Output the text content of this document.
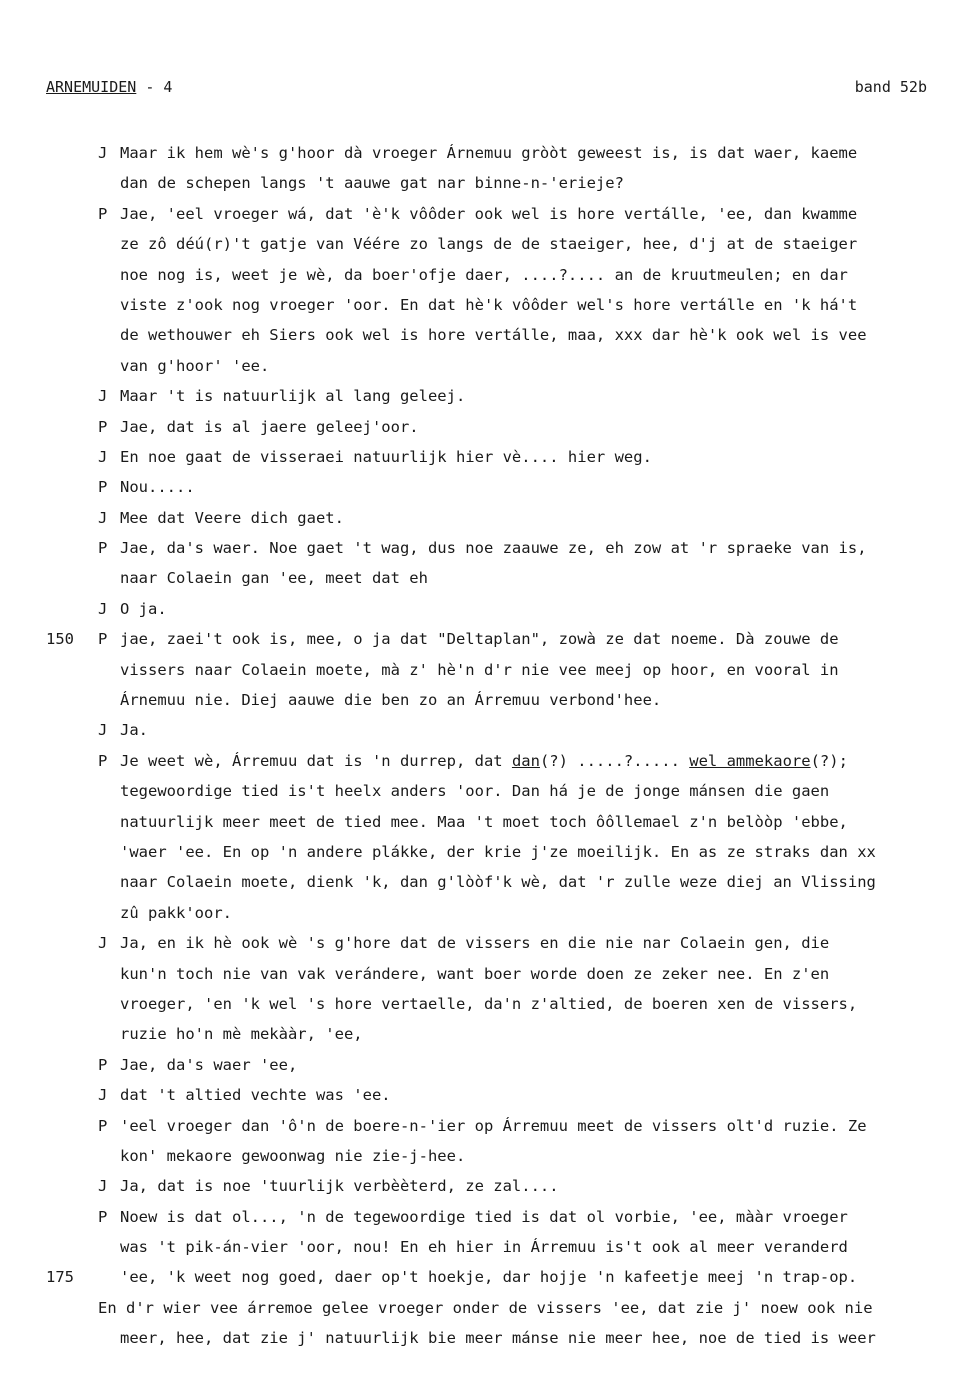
ARNEMUIDEN - 4	band 52b
J Maar ik hem wè's g'hoor dà vroeger Árnemuu gròòt geweest is, is dat waer, kaeme
dan de schepen langs 't aauwe gat nar binne-n-'erieje?
P Jae, 'eel vroeger wá, dat 'è'k vôôder ook wel is hore vertálle, 'ee, dan kwamme
ze zô déú(r)'t gatje van Véére zo langs de de staeiger, hee, d'j at de staeiger
noe nog is, weet je wè, da boer'ofje daer, ....?.... an de kruutmeulen; en dar
viste z'ook nog vroeger 'oor. En dat hè'k vôôder wel's hore vertálle en 'k há't
de wethouwer eh Siers ook wel is hore vertálle, maa, xxx dar hè'k ook wel is vee
van g'hoor' 'ee.
J Maar 't is natuurlijk al lang geleej.
P Jae, dat is al jaere geleej'oor.
J En noe gaat de visseraei natuurlijk hier vè.... hier weg.
P Nou.....
J Mee dat Veere dich gaet.
P Jae, da's waer. Noe gaet 't wag, dus noe zaauwe ze, eh zow at 'r spraeke van is,
naar Colaein gan 'ee, meet dat eh
J O ja.
150 P jae, zaei't ook is, mee, o ja dat "Deltaplan", zowà ze dat noeme. Dà zouwe de
vissers naar Colaein moete, mà z' hè'n d'r nie vee meej op hoor, en vooral in
Árnemuu nie. Diej aauwe die ben zo an Árremuu verbond'hee.
J Ja.
P Je weet wè, Árremuu dat is 'n durrep, dat dan(?) .....?..... wel ammekaore(?);
tegewoordige tied is't heelx anders 'oor. Dan há je de jonge mánsen die gaen
natuurlijk meer meet de tied mee. Maa 't moet toch ôôllemael z'n belòòp 'ebbe,
'waer 'ee. En op 'n andere plákke, der krie j'ze moeilijk. En as ze straks dan xx
naar Colaein moete, dienk 'k, dan g'lòòf'k wè, dat 'r zulle weze diej an Vlissing
zû pakk'oor.
J Ja, en ik hè ook wè 's g'hore dat de vissers en die nie nar Colaein gen, die
kun'n toch nie van vak verándere, want boer worde doen ze zeker nee. En z'en
vroeger, 'en 'k wel 's hore vertaelle, da'n z'altied, de boeren xen de vissers,
ruzie ho'n mè mekààr, 'ee,
P Jae, da's waer 'ee,
J dat 't altied vechte was 'ee.
P 'eel vroeger dan 'ô'n de boere-n-'ier op Árremuu meet de vissers olt'd ruzie. Ze
kon' mekaore gewoonwag nie zie-j-hee.
J Ja, dat is noe 'tuurlijk verbèèterd, ze zal....
P Noew is dat ol..., 'n de tegewoordige tied is dat ol vorbie, 'ee, mààr vroeger
was 't pik-án-vier 'oor, nou! En eh hier in Árremuu is't ook al meer veranderd
175	'ee, 'k weet nog goed, daer op't hoekje, dar hojje 'n kafeetje meej 'n trap-op.
En d'r wier vee árremoe gelee vroeger onder de vissers 'ee, dat zie j' noew ook nie
meer, hee, dat zie j' natuurlijk bie meer mánse nie meer hee, noe de tied is weer
